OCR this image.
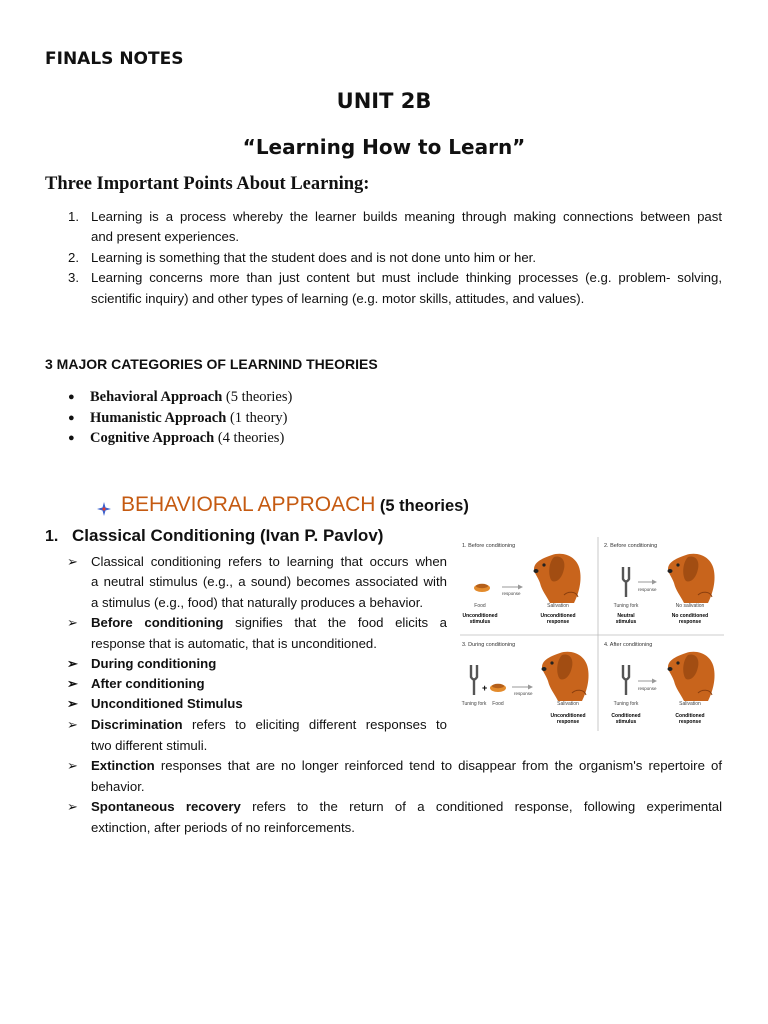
FINALS NOTES
UNIT 2B
“Learning How to Learn”
Three Important Points About Learning:
1. Learning is a process whereby the learner builds meaning through making connections between past
and present experiences.
2. Learning is something that the student does and is not done unto him or her.
3. Learning concerns more than just content but must include thinking processes (e.g. problem- solving,
scientific inquiry) and other types of learning (e.g. motor skills, attitudes, and values).
3 MAJOR CATEGORIES OF LEARNIND THEORIES
● Behavioral Approach (5 theories)
● Humanistic Approach (1 theory)
● Cognitive Approach (4 theories)
BEHAVIORAL APPROACH (5 theories)
1. Classical Conditioning (Ivan P. Pavlov)
➢ Classical conditioning refers to learning that occurs when
a neutral stimulus (e.g., a sound) becomes associated with
a stimulus (e.g., food) that naturally produces a behavior.
➢ Before conditioning signifies that the food elicits a
response that is automatic, that is unconditioned.
➢ During conditioning
➢ After conditioning
➢ Unconditioned Stimulus
➢ Discrimination refers to eliciting different responses to
two different stimuli.
➢ Extinction responses that are no longer reinforced tend to disappear from the organism's repertoire of
behavior.
➢ Spontaneous recovery refers to the return of a conditioned response, following experimental
extinction, after periods of no reinforcements.
1. Before conditioning
response
Food
Unconditioned
stimulus
Salivation
Unconditioned
response
2. Before conditioning
response
Tuning fork
Neutral
stimulus
No salivation
No conditioned
response
3. During conditioning
+
response
Tuning fork Food	Salivation
Unconditioned
response
4. After conditioning
response
Tuning fork
Conditioned
stimulus
Salivation
Conditioned
response
